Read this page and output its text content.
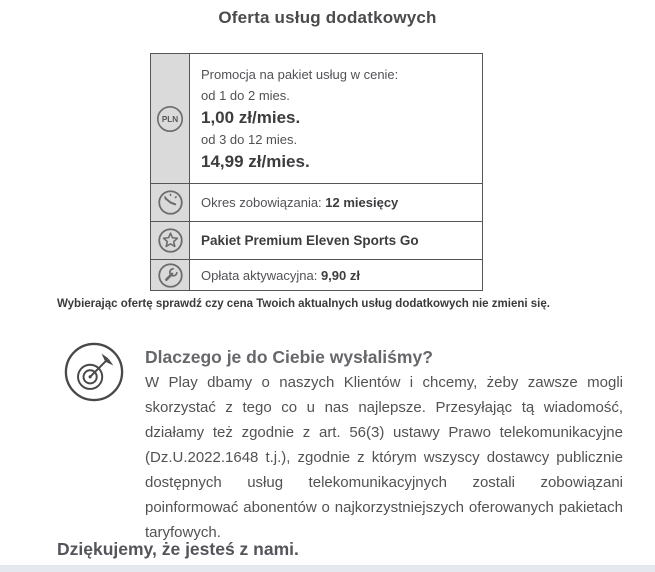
Oferta usług dodatkowych
PLN
Promocja na pakiet usług w cenie:
od 1 do 2 mies.
1,00 zł/mies.
od 3 do 12 mies.
14,99 zł/mies.
Okres zobowiązania: 12 miesięcy
Pakiet Premium Eleven Sports Go
Opłata aktywacyjna: 9,90 zł
Wybierając ofertę sprawdź czy cena Twoich aktualnych usług dodatkowych nie zmieni się.
Dlaczego je do Ciebie wysłaliśmy?
W Play dbamy o naszych Klientów i chcemy, żeby zawsze mogli skorzystać z tego co u nas najlepsze. Przesyłając tą wiadomość, działamy też zgodnie z art. 56(3) ustawy Prawo telekomunikacyjne (Dz.U.2022.1648 t.j.), zgodnie z którym wszyscy dostawcy publicznie dostępnych usług telekomunikacyjnych zostali zobowiązani poinformować abonentów o najkorzystniejszych oferowanych pakietach taryfowych.
Dziękujemy, że jesteś z nami.
